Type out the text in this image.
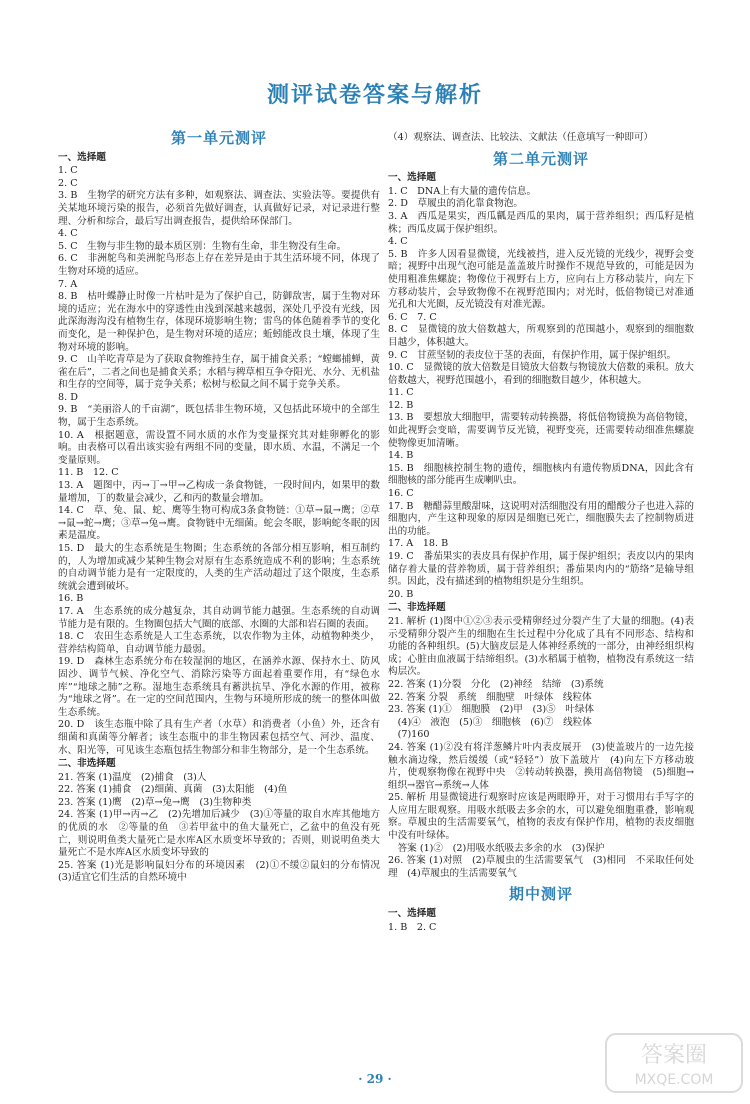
测评试卷答案与解析
第一单元测评
一、选择题

1. C

2. C

3. B　生物学的研究方法有多种，如观察法、调查法、实验法等。要提供有关某地环境污染的报告，必须首先做好调查，认真做好记录，对记录进行整理、分析和综合，最后写出调查报告，提供给环保部门。

4. C

5. C　生物与非生物的最本质区别：生物有生命，非生物没有生命。

6. C　非洲鸵鸟和美洲鸵鸟形态上存在差异是由于其生活环境不同，体现了生物对环境的适应。

7. A

8. B　枯叶蝶静止时像一片枯叶是为了保护自己，防御敌害，属于生物对环境的适应；光在海水中的穿透性由浅到深越来越弱，深处几乎没有光线，因此深海海沟没有植物生存，体现环境影响生物；雷鸟的体色随着季节的变化而变化，是一种保护色，是生物对环境的适应；蚯蚓能改良土壤，体现了生物对环境的影响。

9. C　山羊吃青草是为了获取食物维持生存，属于捕食关系；“螳螂捕蝉，黄雀在后”，二者之间也是捕食关系；水稻与稗草相互争夺阳光、水分、无机盐和生存的空间等，属于竞争关系；松树与松鼠之间不属于竞争关系。

8. D

9. B　“美丽浴人的千亩湖”，既包括非生物环境，又包括此环境中的全部生物，属于生态系统。

10. A　根据题意，需设置不同水质的水作为变量探究其对蛙卵孵化的影响。由表格可以看出该实验有两组不同的变量，即水质、水温，不满足一个变量原则。

11. B　12. C

13. A　题图中，丙→丁→甲→乙构成一条食物链，一段时间内，如果甲的数量增加，丁的数量会减少，乙和丙的数量会增加。

14. C　草、兔、鼠、蛇、鹰等生物可构成3条食物链：①草→鼠→鹰；②草→鼠→蛇→鹰；③草→兔→鹰。食物链中无细菌。蛇会冬眠，影响蛇冬眠的因素是温度。

15. D　最大的生态系统是生物圈；生态系统的各部分相互影响，相互制约的，人为增加或减少某种生物会对原有生态系统造成不利的影响；生态系统的自动调节能力是有一定限度的，人类的生产活动超过了这个限度，生态系统就会遭到破坏。

16. B

17. A　生态系统的成分越复杂，其自动调节能力越强。生态系统的自动调节能力是有限的。生物圈包括大气圈的底部、水圈的大部和岩石圈的表面。

18. C　农田生态系统是人工生态系统，以农作物为主体，动植物种类少，营养结构简单，自动调节能力最弱。

19. D　森林生态系统分布在较湿润的地区，在涵养水源、保持水土、防风固沙、调节气候、净化空气、消除污染等方面起着重要作用，有“绿色水库”“地球之肺”之称。湿地生态系统具有蓄洪抗旱、净化水源的作用，被称为“地球之肾”。在一定的空间范围内，生物与环境所形成的统一的整体叫做生态系统。

20. D　该生态瓶中除了具有生产者（水草）和消费者（小鱼）外，还含有细菌和真菌等分解者；该生态瓶中的非生物因素包括空气、河沙、温度、水、阳光等，可见该生态瓶包括生物部分和非生物部分，是一个生态系统。

二、非选择题

21. 答案 (1)温度　(2)捕食　(3)人

22. 答案 (1)捕食　(2)细菌、真菌　(3)太阳能　(4)鱼

23. 答案 (1)鹰　(2)草→兔→鹰　(3)生物种类

24. 答案 (1)甲→丙→乙　(2)先增加后减少　(3)①等量的取自水库其他地方的优质的水　②等量的鱼　③若甲盆中的鱼大量死亡，乙盆中的鱼没有死亡，则说明鱼类大量死亡是水库A区水质变坏导致的；否则，则说明鱼类大量死亡不是水库A区水质变坏导致的

25. 答案 (1)光是影响鼠妇分布的环境因素　(2)①不缓②鼠妇的分布情况　(3)适宜它们生活的自然环境中

（4）观察法、调查法、比较法、文献法（任意填写一种即可）

第二单元测评
一、选择题

1. C　DNA上有大量的遗传信息。

2. D　草履虫的消化靠食物泡。

3. A　西瓜是果实，西瓜瓤是西瓜的果肉，属于营养组织；西瓜籽是植株；西瓜皮属于保护组织。

4. C

5. B　许多人因看显微镜，光线被挡，进入反光镜的光线少，视野会变暗；视野中出现气泡可能是盖盖玻片时操作不规范导致的，可能是因为使用粗准焦螺旋；物像位于视野右上方，应向右上方移动装片，向左下方移动装片，会导致物像不在视野范围内；对光时，低倍物镜已对准通光孔和大光圈，反光镜没有对准光源。

6. C　7. C

8. C　显微镜的放大倍数越大，所观察到的范围越小，观察到的细胞数目越少，体积越大。

9. C　甘蔗坚韧的表皮位于茎的表面，有保护作用，属于保护组织。

10. C　显微镜的放大倍数是目镜放大倍数与物镜放大倍数的乘积。放大倍数越大，视野范围越小，看到的细胞数目越少，体积越大。

11. C

12. B

13. B　要想放大细胞甲，需要转动转换器，将低倍物镜换为高倍物镜，如此视野会变暗，需要调节反光镜，视野变亮，还需要转动细准焦螺旋使物像更加清晰。

14. B

15. B　细胞核控制生物的遗传，细胞核内有遗传物质DNA，因此含有细胞核的部分能再生成喇叭虫。

16. C

17. B　糖醋蒜里酸甜味，这说明对活细胞没有用的醋酸分子也进入蒜的细胞内，产生这种现象的原因是细胞已死亡，细胞膜失去了控制物质进出的功能。

17. A　18. B

19. C　番茄果实的表皮具有保护作用，属于保护组织；表皮以内的果肉储存着大量的营养物质，属于营养组织；番茄果肉内的“筋络”是输导组织。因此，没有描述到的植物组织是分生组织。

20. B

二、非选择题

21. 解析 (1)图中①②③表示受精卵经过分裂产生了大量的细胞。(4)表示受精卵分裂产生的细胞在生长过程中分化成了具有不同形态、结构和功能的各种组织。(5)大脑皮层是人体神经系统的一部分，由神经组织构成；心脏由血液属于结缔组织。(3)水稻属于植物，植物没有系统这一结构层次。

22. 答案 (1)分裂　分化　(2)神经　结缔　(3)系统

22. 答案 分裂　系统　细胞壁　叶绿体　线粒体

23. 答案 (1)①　细胞膜　(2)甲　(3)⑤　叶绿体

　(4)④　液泡　(5)③　细胞核　(6)⑦　线粒体

　(7)160

24. 答案 (1)②没有将洋葱鳞片叶内表皮展开　(3)使盖玻片的一边先接触水滴边缘，然后缓缓（或“轻轻”）放下盖玻片　(4)向左下方移动玻片，使观察物像在视野中央　②转动转换器，换用高倍物镜　(5)细胞→组织→器官→系统→人体

25. 解析 用显微镜进行观察时应该是两眼睁开，对于习惯用右手写字的人应用左眼观察。用吸水纸吸去多余的水，可以避免细胞重叠，影响观察。草履虫的生活需要氧气，植物的表皮有保护作用，植物的表皮细胞中没有叶绿体。

　答案 (1)②　(2)用吸水纸吸去多余的水　(3)保护

26. 答案 (1)对照　(2)草履虫的生活需要氧气　(3)相同　不采取任何处理　(4)草履虫的生活需要氧气

期中测评
一、选择题

1. B　2. C

· 29 ·
答案圈
MXQE.COM
